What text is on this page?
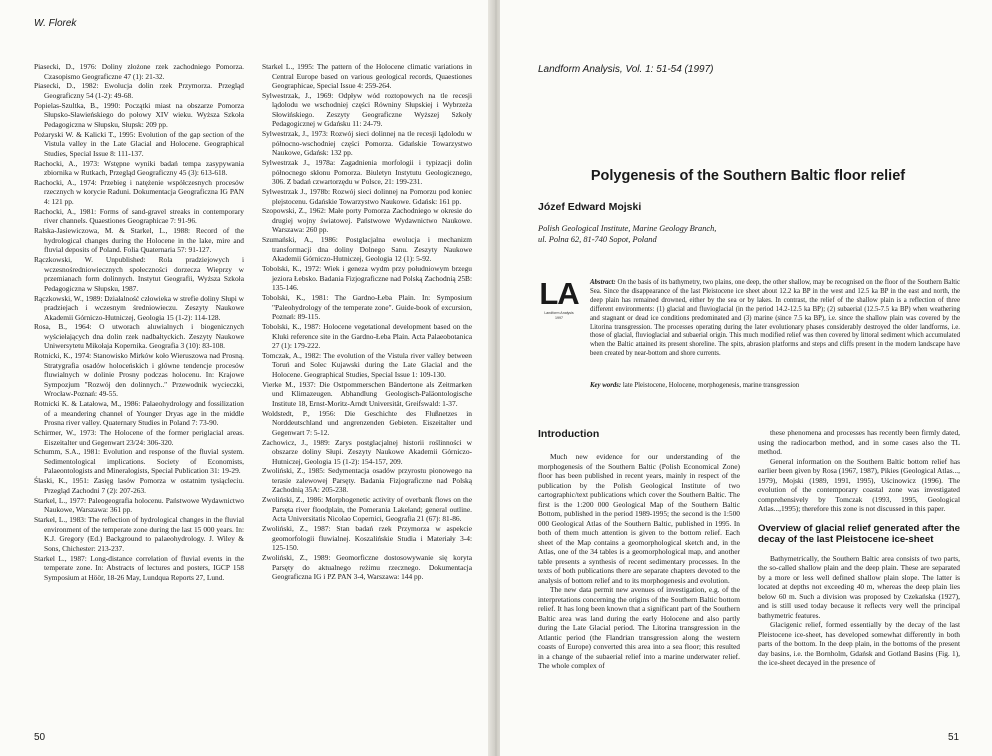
W. Florek
Piasecki, D., 1976: Doliny złożone rzek zachodniego Pomorza. Czasopismo Geograficzne 47 (1): 21-32.
Piasecki, D., 1982: Ewolucja dolin rzek Przymorza. Przegląd Geograficzny 54 (1-2): 49-68.
Popielas-Szultka, B., 1990: Początki miast na obszarze Pomorza Słupsko-Sławieńskiego do połowy XIV wieku. Wyższa Szkoła Pedagogiczna w Słupsku, Słupsk: 209 pp.
Pożaryski W. & Kalicki T., 1995: Evolution of the gap section of the Vistula valley in the Late Glacial and Holocene. Geographical Studies, Special Issue 8: 111-137.
Rachocki, A., 1973: Wstępne wyniki badań tempa zasypywania zbiornika w Rutkach, Przegląd Geograficzny 45 (3): 613-618.
Rachocki, A., 1974: Przebieg i natężenie współczesnych procesów rzecznych w korycie Raduni. Dokumentacja Geograficzna IG PAN 4: 121 pp.
Rachocki, A., 1981: Forms of sand-gravel streaks in contemporary river channels. Quaestiones Geographicae 7: 91-96.
Ralska-Jasiewiczowa, M. & Starkel, L., 1988: Record of the hydrological changes during the Holocene in the lake, mire and fluvial deposits of Poland. Folia Quaternaria 57: 91-127.
Rączkowski, W. Unpublished: Rola pradziejowych i wczesnośredniowiecznych społeczności dorzecza Wieprzy w przemianach form dolinnych. Instytut Geografii, Wyższa Szkoła Pedagogiczna w Słupsku, 1987.
Rączkowski, W., 1989: Działalność człowieka w strefie doliny Słupi w pradziejach i wczesnym średniowieczu. Zeszyty Naukowe Akademii Górniczo-Hutniczej, Geologia 15 (1-2): 114-128.
Rosa, B., 1964: O utworach aluwialnych i biogenicznych wyściełających dna dolin rzek nadbałtyckich. Zeszyty Naukowe Uniwersytetu Mikołaja Kopernika. Geografia 3 (10): 83-108.
Rotnicki, K., 1974: Stanowisko Mirków koło Wieruszowa nad Prosną. Stratygrafia osadów holoceńskich i główne tendencje procesów fluwialnych w dolinie Prosny podczas holocenu. In: Krajowe Sympozjum "Rozwój den dolinnych.." Przewodnik wycieczki, Wrocław-Poznań: 49-55.
Rotnicki K. & Latałowa, M., 1986: Palaeohydrology and fossilization of a meandering channel of Younger Dryas age in the middle Prosna river valley. Quaternary Studies in Poland 7: 73-90.
Schirmer, W., 1973: The Holocene of the former periglacial areas. Eiszeitalter und Gegenwart 23/24: 306-320.
Schumm, S.A., 1981: Evolution and response of the fluvial system. Sedimentological implications. Society of Economists, Palaeontologists and Mineralogists, Special Publication 31: 19-29.
Ślaski, K., 1951: Zasięg lasów Pomorza w ostatnim tysiącleciu. Przegląd Zachodni 7 (2): 207-263.
Starkel, L., 1977: Paleogeografia holocenu. Państwowe Wydawnictwo Naukowe, Warszawa: 361 pp.
Starkel, L., 1983: The reflection of hydrological changes in the fluvial environment of the temperate zone during the last 15 000 years. In: K.J. Gregory (Ed.) Background to palaeohydrology. J. Wiley & Sons, Chichester: 213-237.
Starkel L., 1987: Long-distance correlation of fluvial events in the temperate zone. In: Abstracts of lectures and posters, IGCP 158 Symposium at Höör, 18-26 May, Lundqua Reports 27, Lund.
Starkel L., 1995: The pattern of the Holocene climatic variations in Central Europe based on various geological records, Quaestiones Geographicae, Special Issue 4: 259-264.
Sylwestrzak, J., 1969: Odpływ wód roztopowych na tle recesji lądolodu we wschodniej części Równiny Słupskiej i Wybrzeża Słowińskiego. Zeszyty Geograficzne Wyższej Szkoły Pedagogicznej w Gdańsku 11: 24-79.
Sylwestrzak, J., 1973: Rozwój sieci dolinnej na tle recesji lądolodu w północno-wschodniej części Pomorza. Gdańskie Towarzystwo Naukowe, Gdańsk: 132 pp.
Sylwestrzak J., 1978a: Zagadnienia morfologii i typizacji dolin północnego skłonu Pomorza. Biuletyn Instytutu Geologicznego, 306. Z badań czwartorzędu w Polsce, 21: 199-231.
Sylwestrzak J., 1978b: Rozwój sieci dolinnej na Pomorzu pod koniec plejstocenu. Gdańskie Towarzystwo Naukowe. Gdańsk: 161 pp.
Szopowski, Z., 1962: Małe porty Pomorza Zachodniego w okresie do drugiej wojny światowej. Państwowe Wydawnictwo Naukowe. Warszawa: 260 pp.
Szumański, A., 1986: Postglacjalna ewolucja i mechanizm transformacji dna doliny Dolnego Sanu. Zeszyty Naukowe Akademii Górniczo-Hutniczej, Geologia 12 (1): 5-92.
Tobolski, K., 1972: Wiek i geneza wydm przy południowym brzegu jeziora Łebsko. Badania Fizjograficzne nad Polską Zachodnią 25B: 135-146.
Tobolski, K., 1981: The Gardno-Łeba Plain. In: Symposium "Paleohydrology of the temperate zone". Guide-book of excursion, Poznań: 89-115.
Tobolski, K., 1987: Holocene vegetational development based on the Kluki reference site in the Gardno-Łeba Plain. Acta Palaeobotanica 27 (1): 179-222.
Tomczak, A., 1982: The evolution of the Vistula river valley between Toruń and Solec Kujawski during the Late Glacial and the Holocene. Geographical Studies, Special Issue 1: 109-130.
Vierke M., 1937: Die Ostpommerschen Bändertone als Zeitmarken und Klimazeugen. Abhandlung Geologisch-Paläontologische Institute 18, Ernst-Moritz-Arndt Universität, Greifswald: 1-37.
Woldstedt, P., 1956: Die Geschichte des Flußnetzes in Norddeutschland und angrenzenden Gebieten. Eiszeitalter und Gegenwart 7: 5-12.
Zachowicz, J., 1989: Zarys postglacjalnej historii roślinności w obszarze doliny Słupi. Zeszyty Naukowe Akademii Górniczo-Hutniczej, Geologia 15 (1-2): 154-157, 209.
Zwoliński, Z., 1985: Sedymentacja osadów przyrostu pionowego na terasie zalewowej Parsęty. Badania Fizjograficzne nad Polską Zachodnią 35A: 205-238.
Zwoliński, Z., 1986: Morphogenetic activity of overbank flows on the Parsęta river floodplain, the Pomerania Lakeland; general outline. Acta Universitatis Nicolao Copernici, Geografia 21 (67): 81-86.
Zwoliński, Z., 1987: Stan badań rzek Przymorza w aspekcie geomorfologii fluwialnej. Koszalińskie Studia i Materiały 3-4: 125-150.
Zwoliński, Z., 1989: Geomorficzne dostosowywanie się koryta Parsęty do aktualnego reżimu rzecznego. Dokumentacja Geograficzna IG i PZ PAN 3-4, Warszawa: 144 pp.
50
Landform Analysis, Vol. 1: 51-54 (1997)
Polygenesis of the Southern Baltic floor relief
Józef Edward Mojski
Polish Geological Institute, Marine Geology Branch,
ul. Polna 62, 81-740 Sopot, Poland
LA
Landform Analysis
1997
Abstract: On the basis of its bathymetry, two plains, one deep, the other shallow, may be recognised on the floor of the Southern Baltic Sea. Since the disappearance of the last Pleistocene ice sheet about 12.2 ka BP in the west and 12.5 ka BP in the east and north, the deep plain has remained drowned, either by the sea or by lakes. In contrast, the relief of the shallow plain is a reflection of three different environments: (1) glacial and fluvioglacial (in the period 14.2-12.5 ka BP); (2) subaerial (12.5-7.5 ka BP) when weathering and stagnant or dead ice conditions predominated and (3) marine (since 7.5 ka BP), i.e. since the shallow plain was covered by the Litorina transgression. The processes operating during the later evolutionary phases considerably destroyed the older landforms, i.e. those of glacial, fluvioglacial and subaerial origin. This much modified relief was then covered by littoral sediment which accumulated when the Baltic attained its present shoreline. The spits, abrasion platforms and steps and cliffs present in the modern landscape have been created by near-bottom and shore currents.
Key words: late Pleistocene, Holocene, morphogenesis, marine transgression
Introduction

Much new evidence for our understanding of the morphogenesis of the Southern Baltic (Polish Economical Zone) floor has been published in recent years, mainly in respect of the publication by the Polish Geological Institute of two cartographic/text publications which cover the Southern Baltic. The first is the 1:200 000 Geological Map of the Southern Baltic Bottom, published in the period 1989-1995; the second is the 1:500 000 Geological Atlas of the Southern Baltic, published in 1995. In both of them much attention is given to the bottom relief. Each sheet of the Map contains a geomorphological sketch and, in the Atlas, one of the 34 tables is a geomorphological map, and another table presents a synthesis of recent sedimentary processes. In the texts of both publications there are separate chapters devoted to the analysis of bottom relief and to its morphogenesis and evolution.

The new data permit new avenues of investigation, e.g. of the interpretations concerning the origins of the Southern Baltic bottom relief. It has long been known that a significant part of the Southern Baltic area was land during the early Holocene and also partly during the Late Glacial period. The Litorina transgression in the Atlantic period (the Flandrian transgression along the western coasts of Europe) converted this area into a sea floor; this resulted in a change of the subaerial relief into a marine underwater relief. The whole complex of

these phenomena and processes has recently been firmly dated, using the radiocarbon method, and in some cases also the TL method.

General information on the Southern Baltic bottom relief has earlier been given by Rosa (1967, 1987), Pikies (Geological Atlas..., 1979), Mojski (1989, 1991, 1995), Uścinowicz (1996). The evolution of the contemporary coastal zone was investigated comprehensively by Tomczak (1993, 1995, Geological Atlas...,1995); therefore this zone is not discussed in this paper.

Overview of glacial relief generated after the decay of the last Pleistocene ice-sheet

Bathymetrically, the Southern Baltic area consists of two parts, the so-called shallow plain and the deep plain. These are separated by a more or less well defined shallow plain slope. The latter is located at depths not exceeding 40 m, whereas the deep plain lies below 60 m. Such a division was proposed by Czekańska (1927), and is still used today because it reflects very well the principal bathymetric features.

Glacigenic relief, formed essentially by the decay of the last Pleistocene ice-sheet, has developed somewhat differently in both parts of the bottom. In the deep plain, in the bottoms of the present day basins, i.e. the Bornholm, Gdańsk and Gotland Basins (Fig. 1), the ice-sheet decayed in the presence of

51
